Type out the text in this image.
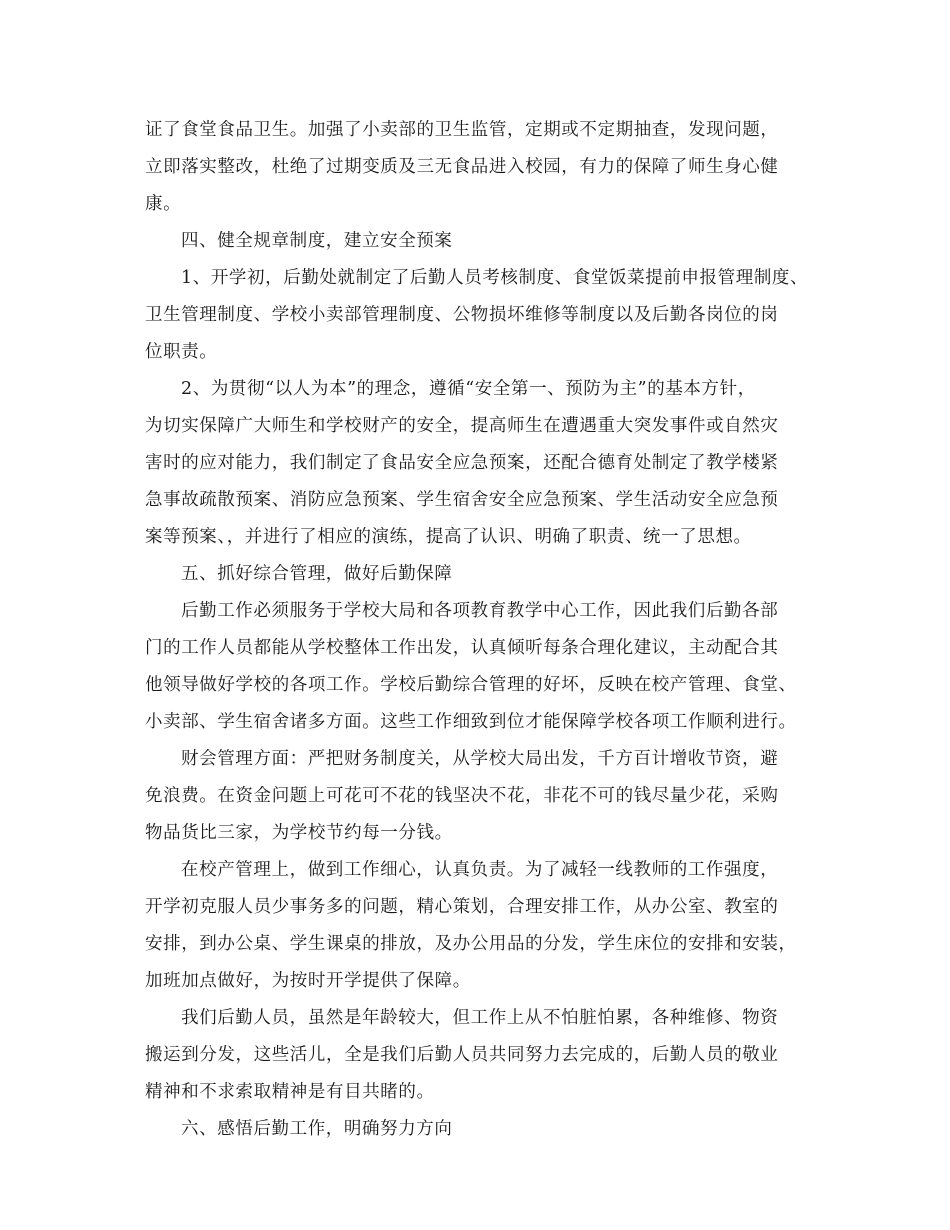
证了食堂食品卫生。加强了小卖部的卫生监管，定期或不定期抽查，发现问题，
立即落实整改，杜绝了过期变质及三无食品进入校园，有力的保障了师生身心健
康。
四、健全规章制度，建立安全预案
1、开学初，后勤处就制定了后勤人员考核制度、食堂饭菜提前申报管理制度、
卫生管理制度、学校小卖部管理制度、公物损坏维修等制度以及后勤各岗位的岗
位职责。
2、为贯彻“以人为本”的理念，遵循“安全第一、预防为主”的基本方针，
为切实保障广大师生和学校财产的安全，提高师生在遭遇重大突发事件或自然灾
害时的应对能力，我们制定了食品安全应急预案，还配合德育处制定了教学楼紧
急事故疏散预案、消防应急预案、学生宿舍安全应急预案、学生活动安全应急预
案等预案、，并进行了相应的演练，提高了认识、明确了职责、统一了思想。
五、抓好综合管理，做好后勤保障
后勤工作必须服务于学校大局和各项教育教学中心工作，因此我们后勤各部
门的工作人员都能从学校整体工作出发，认真倾听每条合理化建议，主动配合其
他领导做好学校的各项工作。学校后勤综合管理的好坏，反映在校产管理、食堂、
小卖部、学生宿舍诸多方面。这些工作细致到位才能保障学校各项工作顺利进行。
财会管理方面：严把财务制度关，从学校大局出发，千方百计增收节资，避
免浪费。在资金问题上可花可不花的钱坚决不花，非花不可的钱尽量少花，采购
物品货比三家，为学校节约每一分钱。
在校产管理上，做到工作细心，认真负责。为了减轻一线教师的工作强度，
开学初克服人员少事务多的问题，精心策划，合理安排工作，从办公室、教室的
安排，到办公桌、学生课桌的排放，及办公用品的分发，学生床位的安排和安装，
加班加点做好，为按时开学提供了保障。
我们后勤人员，虽然是年龄较大，但工作上从不怕脏怕累，各种维修、物资
搬运到分发，这些活儿，全是我们后勤人员共同努力去完成的，后勤人员的敬业
精神和不求索取精神是有目共睹的。
六、感悟后勤工作，明确努力方向
